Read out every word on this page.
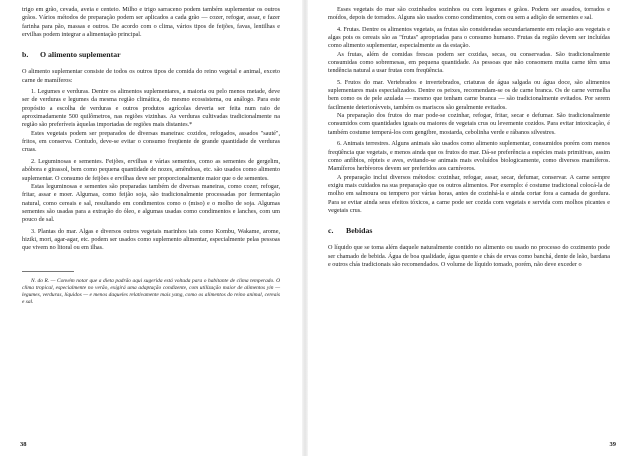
trigo em grão, cevada, aveia e centeio. Milho e trigo sarraceno podem também suplementar os outros grãos. Vários métodos de preparação podem ser aplicados a cada grão — cozer, refogar, assar, e fazer farinha para pão, massas e outros. De acordo com o clima, vários tipos de feijões, favas, lentilhas e ervilhas podem integrar a alimentação principal.

b. O alimento suplementar

O alimento suplementar consiste de todos os outros tipos de comida do reino vegetal e animal, exceto carne de mamíferos:

1. Legumes e verduras. Dentre os alimentos suplementares, a maioria ou pelo menos metade, deve ser de verduras e legumes da mesma região climática, do mesmo ecossistema, ou análogo. Para este propósito a escolha de verduras e outros produtos agrícolas deveria ser feita num raio de aproximadamente 500 quilômetros, nas regiões vizinhas. As verduras cultivadas tradicionalmente na região são preferíveis àquelas importadas de regiões mais distantes.*

Estes vegetais podem ser preparados de diversas maneiras: cozidos, refogados, assados "sauté", fritos, em conserva. Contudo, deve-se evitar o consumo freqüente de grande quantidade de verduras cruas.

2. Leguminosas e sementes. Feijões, ervilhas e várias sementes, como as sementes de gergelim, abóbora e girassol, bem como pequena quantidade de nozes, amêndoas, etc. são usados como alimento suplementar. O consumo de feijões e ervilhas deve ser proporcionalmente maior que o de sementes.

Estas leguminosas e sementes são preparadas também de diversas maneiras, como cozer, refogar, fritar, assar e moer. Algumas, como feijão soja, são tradicionalmente processadas por fermentação natural, como cereais e sal, resultando em condimentos como o (miso) e o molho de soja. Algumas sementes são usadas para a extração do óleo, e algumas usadas como condimentos e lanches, com um pouco de sal.

3. Plantas do mar. Algas e diversos outros vegetais marinhos tais como Kombu, Wakame, arome, hiziki, mori, agar-agar, etc. podem ser usados como suplemento alimentar, especialmente pelas pessoas que vivem no litoral ou em ilhas.

N. do R. — Convém notar que a dieta padrão aqui sugerida está voltada para o habitante de clima temperado. O clima tropical, especialmente no verão, exigirá uma adaptação condizente, com utilização maior de alimentos yin — legumes, verduras, líquidos — e menos daqueles relativamente mais yang, como os alimentos do reino animal, cereais e sal.

38

Esses vegetais do mar são cozinhados sozinhos ou com legumes e grãos. Podem ser assados, torrados e moídos, depois de torrados. Alguns são usados como condimentos, com ou sem a adição de sementes e sal.

4. Frutas. Dentre os alimentos vegetais, as frutas são consideradas secundariamente em relação aos vegetais e algas pois os cereais são as "frutas" apropriadas para o consumo humano. Frutas da região devem ser incluídas como alimento suplementar, especialmente as da estação.

As frutas, além de comidas frescas podem ser cozidas, secas, ou conservadas. São tradicionalmente consumidas como sobremesas, em pequena quantidade. As pessoas que não consomem muita carne têm uma tendência natural a usar frutas com freqüência.

5. Frutos do mar. Vertebrados e invertebrados, criaturas de água salgada ou água doce, são alimentos suplementares mais especializados. Dentre os peixes, recomendam-se os de carne branca. Os de carne vermelha bem como os de pele azulada — mesmo que tenham carne branca — são tradicionalmente evitados. Por serem facilmente deteriorávveis, também os mariscos são geralmente evitados.

Na preparação dos frutos do mar pode-se cozinhar, refogar, fritar, secar e defumar. São tradicionalmente consumidos com quantidades iguais ou maiores de vegetais crus ou levemente cozidos. Para evitar intoxicação, é também costume temperá-los com gengibre, mostarda, cebolinha verde e rábanos silvestres.

6. Animais terrestres. Alguns animais são usados como alimento suplementar, consumidos porém com menos freqüência que vegetais, e menos ainda que os frutos do mar. Dá-se preferência a espécies mais primitivas, assim como anfíbios, répteis e aves, evitando-se animais mais evoluídos biologicamente, como diversos mamíferos. Mamíferos herbívoros devem ser preferidos aos carnívoros.

A preparação inclui diversos métodos: cozinhar, refogar, assar, secar, defumar, conservar. A carne sempre exigiu mais cuidados na sua preparação que os outros alimentos. Por exemplo: é costume tradicional colocá-la de molho em salmoura ou tempero por várias horas, antes de cozinhá-la e ainda cortar fora a camada de gordura. Para se evitar ainda seus efeitos tóxicos, a carne pode ser cozida com vegetais e servida com molhos picantes e vegetais crus.

c. Bebidas

O líquido que se toma além daquele naturalmente contido no alimento ou usado no processo do cozimento pode ser chamado de bebida. Água de boa qualidade, água quente e chás de ervas como banchá, dente de leão, bardana e outros chás tradicionais são recomendados. O volume de líquido tomado, porém, não deve exceder o

39
